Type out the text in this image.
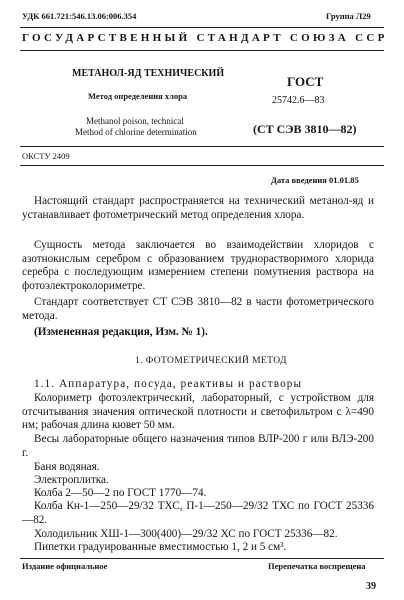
УДК 661.721:546.13.06:006.354	Группа Л29
ГОСУДАРСТВЕННЫЙ СТАНДАРТ СОЮЗА ССР
МЕТАНОЛ-ЯД ТЕХНИЧЕСКИЙ
Метод определения хлора
Methanol poison, technical
Method of chlorine determination
ГОСТ
25742.6—83
(СТ СЭВ 3810—82)
ОКСТУ 2409
Дата введения 01.01.85

Настоящий стандарт распространяется на технический метанол-яд и устанавливает фотометрический метод определения хлора.

Сущность метода заключается во взаимодействии хлоридов с азотнокислым серебром с образованием труднорастворимого хлорида серебра с последующим измерением степени помутнения раствора на фотоэлектроколориметре.

Стандарт соответствует СТ СЭВ 3810—82 в части фотометрического метода.

(Измененная редакция, Изм. № 1).

1. ФОТОМЕТРИЧЕСКИЙ МЕТОД
1.1. Аппаратура, посуда, реактивы и растворы

Колориметр фотоэлектрический, лабораторный, с устройством для отсчитывания значения оптической плотности и светофильтром с λ=490 нм; рабочая длина кювет 50 мм.

Весы лабораторные общего назначения типов ВЛР-200 г или ВЛЭ-200 г.

Баня водяная.
Электроплитка.
Колба 2—50—2 по ГОСТ 1770—74.

Колба Кн-1—250—29/32 ТХС, П-1—250—29/32 ТХС по ГОСТ 25336—82.

Холодильник ХШ-1—300(400)—29/32 ХС по ГОСТ 25336—82.
Пипетки градуированные вместимостью 1, 2 и 5 см³.
Издание официальное	Перепечатка воспрещена
39
